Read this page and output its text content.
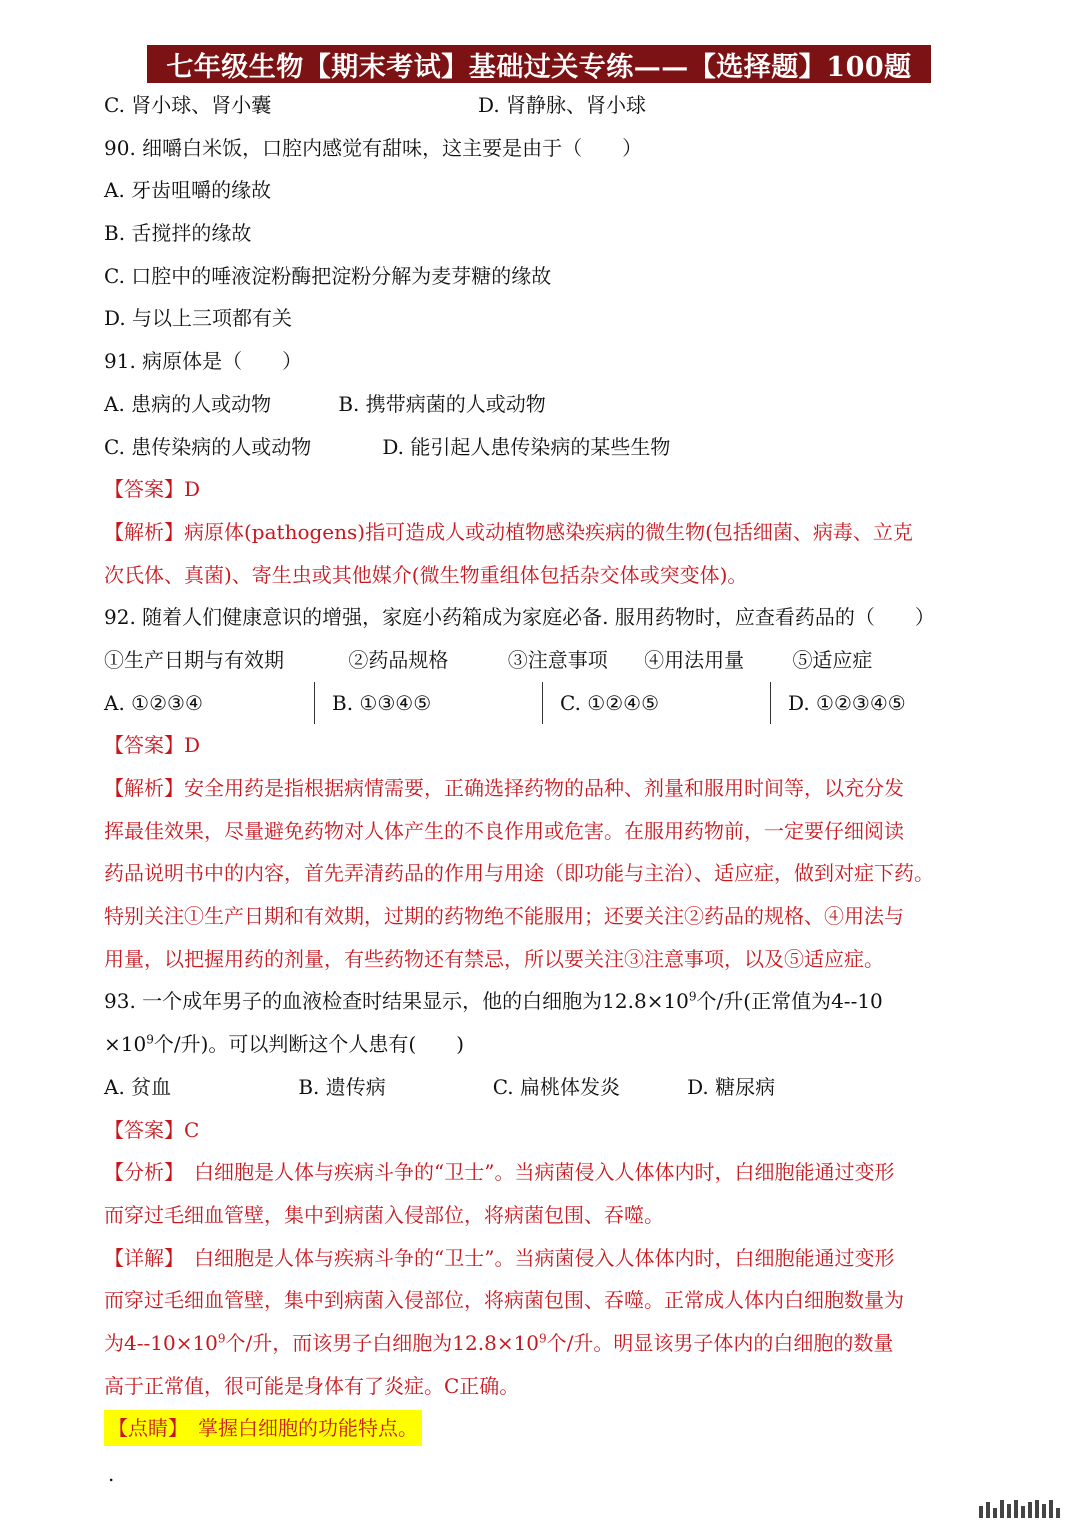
七年级生物【期末考试】基础过关专练——【选择题】100题
C. 肾小球、肾小囊	D. 肾静脉、肾小球
90. 细嚼白米饭，口腔内感觉有甜味，这主要是由于（　　）
A. 牙齿咀嚼的缘故
B. 舌搅拌的缘故
C. 口腔中的唾液淀粉酶把淀粉分解为麦芽糖的缘故
D. 与以上三项都有关
91. 病原体是（　　）
A. 患病的人或动物	B. 携带病菌的人或动物
C. 患传染病的人或动物	D. 能引起人患传染病的某些生物
【答案】D
【解析】病原体(pathogens)指可造成人或动植物感染疾病的微生物(包括细菌、病毒、立克
次氏体、真菌)、寄生虫或其他媒介(微生物重组体包括杂交体或突变体)。
92. 随着人们健康意识的增强，家庭小药箱成为家庭必备. 服用药物时，应查看药品的（　　）
①生产日期与有效期	②药品规格	③注意事项 ④用法用量 ⑤适应症
A. ①②③④	B. ①③④⑤	C. ①②④⑤	D. ①②③④⑤
【答案】D
【解析】安全用药是指根据病情需要，正确选择药物的品种、剂量和服用时间等，以充分发
挥最佳效果，尽量避免药物对人体产生的不良作用或危害。在服用药物前，一定要仔细阅读
药品说明书中的内容，首先弄清药品的作用与用途（即功能与主治）、适应症，做到对症下药。
特别关注①生产日期和有效期，过期的药物绝不能服用；还要关注②药品的规格、④用法与
用量，以把握用药的剂量，有些药物还有禁忌，所以要关注③注意事项，以及⑤适应症。
93. 一个成年男子的血液检查时结果显示，他的白细胞为$12.8\times 10^9$个/升(正常值为4--10
$\times 10^9$个/升)。可以判断这个人患有(　　)
A. 贫血	B. 遗传病	C. 扁桃体发炎	D. 糖尿病
【答案】C
【分析】　白细胞是人体与疾病斗争的“卫士”。当病菌侵入人体体内时，白细胞能通过变形
而穿过毛细血管壁，集中到病菌入侵部位，将病菌包围、吞噬。
【详解】　白细胞是人体与疾病斗争的“卫士”。当病菌侵入人体体内时，白细胞能通过变形
而穿过毛细血管壁，集中到病菌入侵部位，将病菌包围、吞噬。正常成人体内白细胞数量为
为$4--10\times 10^9$个/升，而该男子白细胞为$12.8\times 10^9$个/升。明显该男子体内的白细胞的数量
高于正常值，很可能是身体有了炎症。C正确。
【点睛】　掌握白细胞的功能特点。
.
